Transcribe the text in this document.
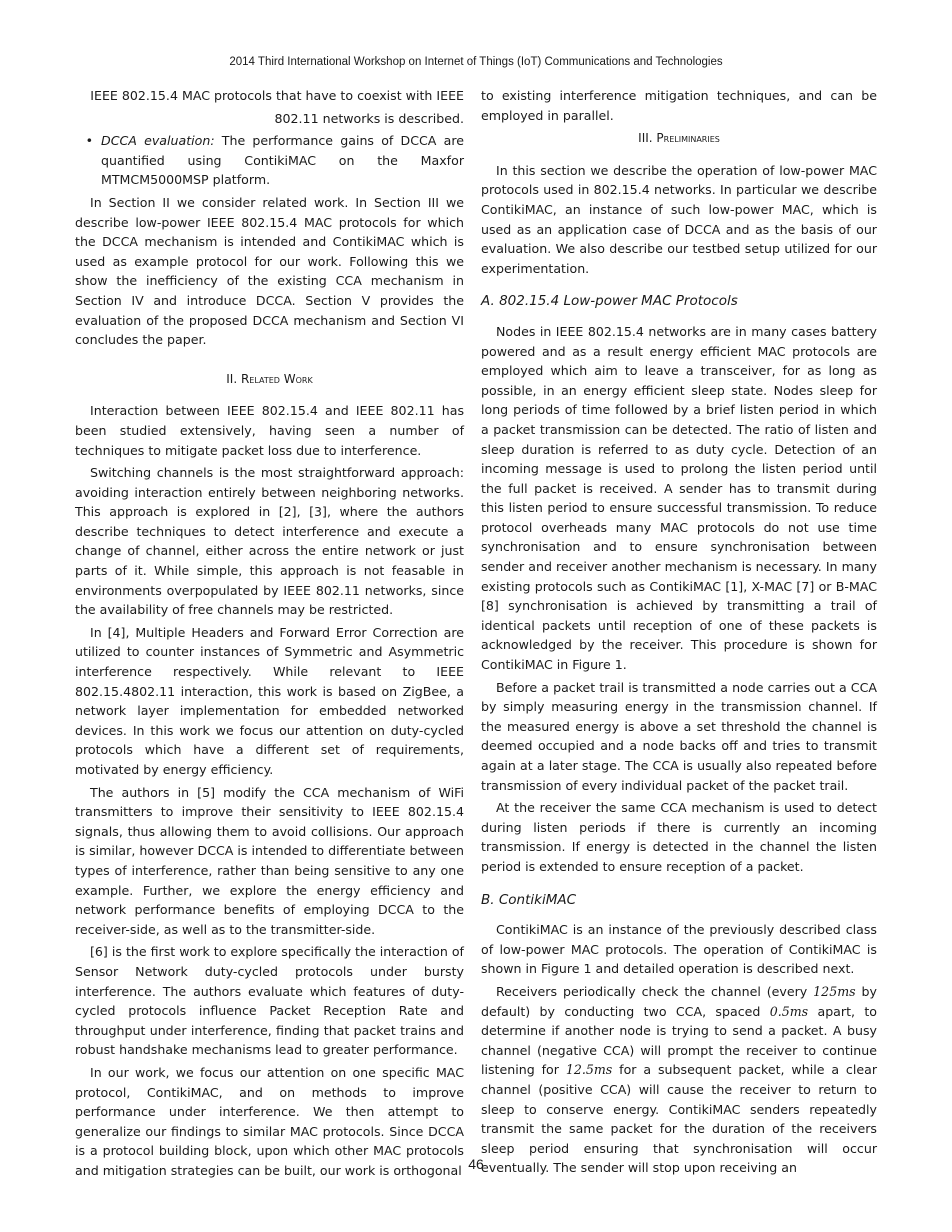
2014 Third International Workshop on Internet of Things (IoT) Communications and Technologies

IEEE 802.15.4 MAC protocols that have to coexist with IEEE

802.11 networks is described.

• DCCA evaluation: The performance gains of DCCA are quantified using ContikiMAC on the Maxfor MTMCM5000MSP platform.

In Section II we consider related work. In Section III we describe low-power IEEE 802.15.4 MAC protocols for which the DCCA mechanism is intended and ContikiMAC which is used as example protocol for our work. Following this we show the inefficiency of the existing CCA mechanism in Section IV and introduce DCCA. Section V provides the evaluation of the proposed DCCA mechanism and Section VI concludes the paper.

II. Related Work

Interaction between IEEE 802.15.4 and IEEE 802.11 has been studied extensively, having seen a number of techniques to mitigate packet loss due to interference.

Switching channels is the most straightforward approach: avoiding interaction entirely between neighboring networks. This approach is explored in [2], [3], where the authors describe techniques to detect interference and execute a change of channel, either across the entire network or just parts of it. While simple, this approach is not feasable in environments overpopulated by IEEE 802.11 networks, since the availability of free channels may be restricted.

In [4], Multiple Headers and Forward Error Correction are utilized to counter instances of Symmetric and Asymmetric interference respectively. While relevant to IEEE 802.15.4802.11 interaction, this work is based on ZigBee, a network layer implementation for embedded networked devices. In this work we focus our attention on duty-cycled protocols which have a different set of requirements, motivated by energy efficiency.

The authors in [5] modify the CCA mechanism of WiFi transmitters to improve their sensitivity to IEEE 802.15.4 signals, thus allowing them to avoid collisions. Our approach is similar, however DCCA is intended to differentiate between types of interference, rather than being sensitive to any one example. Further, we explore the energy efficiency and network performance benefits of employing DCCA to the receiver-side, as well as to the transmitter-side.

[6] is the first work to explore specifically the interaction of Sensor Network duty-cycled protocols under bursty interference. The authors evaluate which features of duty-cycled protocols influence Packet Reception Rate and throughput under interference, finding that packet trains and robust handshake mechanisms lead to greater performance.

In our work, we focus our attention on one specific MAC protocol, ContikiMAC, and on methods to improve performance under interference. We then attempt to generalize our findings to similar MAC protocols. Since DCCA is a protocol building block, upon which other MAC protocols and mitigation strategies can be built, our work is orthogonal

to existing interference mitigation techniques, and can be employed in parallel.

III. Preliminaries

In this section we describe the operation of low-power MAC protocols used in 802.15.4 networks. In particular we describe ContikiMAC, an instance of such low-power MAC, which is used as an application case of DCCA and as the basis of our evaluation. We also describe our testbed setup utilized for our experimentation.

A. 802.15.4 Low-power MAC Protocols

Nodes in IEEE 802.15.4 networks are in many cases battery powered and as a result energy efficient MAC protocols are employed which aim to leave a transceiver, for as long as possible, in an energy efficient sleep state. Nodes sleep for long periods of time followed by a brief listen period in which a packet transmission can be detected. The ratio of listen and sleep duration is referred to as duty cycle. Detection of an incoming message is used to prolong the listen period until the full packet is received. A sender has to transmit during this listen period to ensure successful transmission. To reduce protocol overheads many MAC protocols do not use time synchronisation and to ensure synchronisation between sender and receiver another mechanism is necessary. In many existing protocols such as ContikiMAC [1], X-MAC [7] or B-MAC [8] synchronisation is achieved by transmitting a trail of identical packets until reception of one of these packets is acknowledged by the receiver. This procedure is shown for ContikiMAC in Figure 1.

Before a packet trail is transmitted a node carries out a CCA by simply measuring energy in the transmission channel. If the measured energy is above a set threshold the channel is deemed occupied and a node backs off and tries to transmit again at a later stage. The CCA is usually also repeated before transmission of every individual packet of the packet trail.

At the receiver the same CCA mechanism is used to detect during listen periods if there is currently an incoming transmission. If energy is detected in the channel the listen period is extended to ensure reception of a packet.

B. ContikiMAC

ContikiMAC is an instance of the previously described class of low-power MAC protocols. The operation of ContikiMAC is shown in Figure 1 and detailed operation is described next.

Receivers periodically check the channel (every 125ms by default) by conducting two CCA, spaced 0.5ms apart, to determine if another node is trying to send a packet. A busy channel (negative CCA) will prompt the receiver to continue listening for 12.5ms for a subsequent packet, while a clear channel (positive CCA) will cause the receiver to return to sleep to conserve energy. ContikiMAC senders repeatedly transmit the same packet for the duration of the receivers sleep period ensuring that synchronisation will occur eventually. The sender will stop upon receiving an

46
